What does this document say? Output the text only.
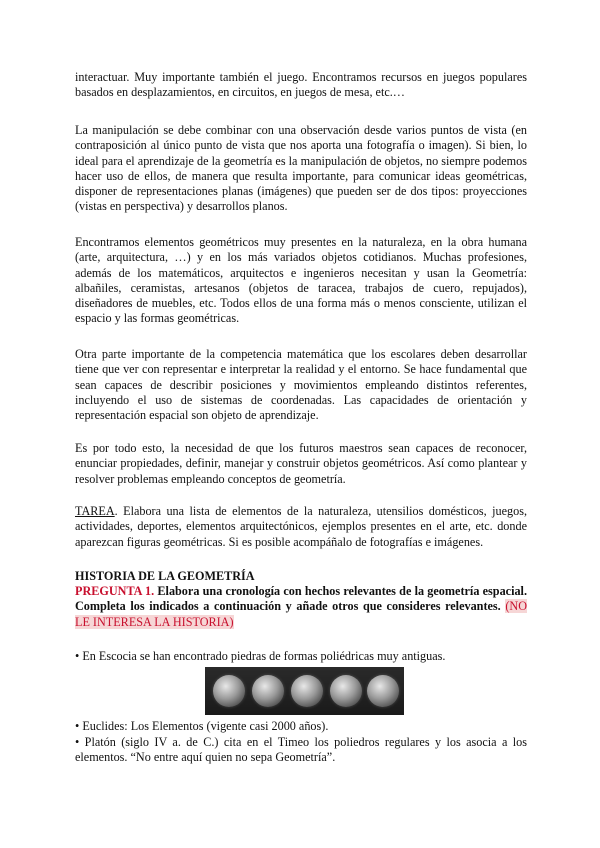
interactuar. Muy importante también el juego. Encontramos recursos en juegos populares basados en desplazamientos, en circuitos, en juegos de mesa, etc.…

La manipulación se debe combinar con una observación desde varios puntos de vista (en contraposición al único punto de vista que nos aporta una fotografía o imagen). Si bien, lo ideal para el aprendizaje de la geometría es la manipulación de objetos, no siempre podemos hacer uso de ellos, de manera que resulta importante, para comunicar ideas geométricas, disponer de representaciones planas (imágenes) que pueden ser de dos tipos: proyecciones (vistas en perspectiva) y desarrollos planos.

Encontramos elementos geométricos muy presentes en la naturaleza, en la obra humana (arte, arquitectura, …) y en los más variados objetos cotidianos. Muchas profesiones, además de los matemáticos, arquitectos e ingenieros necesitan y usan la Geometría: albañiles, ceramistas, artesanos (objetos de taracea, trabajos de cuero, repujados), diseñadores de muebles, etc. Todos ellos de una forma más o menos consciente, utilizan el espacio y las formas geométricas.

Otra parte importante de la competencia matemática que los escolares deben desarrollar tiene que ver con representar e interpretar la realidad y el entorno. Se hace fundamental que sean capaces de describir posiciones y movimientos empleando distintos referentes, incluyendo el uso de sistemas de coordenadas. Las capacidades de orientación y representación espacial son objeto de aprendizaje.

Es por todo esto, la necesidad de que los futuros maestros sean capaces de reconocer, enunciar propiedades, definir, manejar y construir objetos geométricos. Así como plantear y resolver problemas empleando conceptos de geometría.

TAREA. Elabora una lista de elementos de la naturaleza, utensilios domésticos, juegos, actividades, deportes, elementos arquitectónicos, ejemplos presentes en el arte, etc. donde aparezcan figuras geométricas. Si es posible acompáñalo de fotografías e imágenes.

HISTORIA DE LA GEOMETRÍA

PREGUNTA 1. Elabora una cronología con hechos relevantes de la geometría espacial. Completa los indicados a continuación y añade otros que consideres relevantes. (NO LE INTERESA LA HISTORIA)

• En Escocia se han encontrado piedras de formas poliédricas muy antiguas.

• Euclides: Los Elementos (vigente casi 2000 años).

• Platón (siglo IV a. de C.) cita en el Timeo los poliedros regulares y los asocia a los elementos. “No entre aquí quien no sepa Geometría”.
